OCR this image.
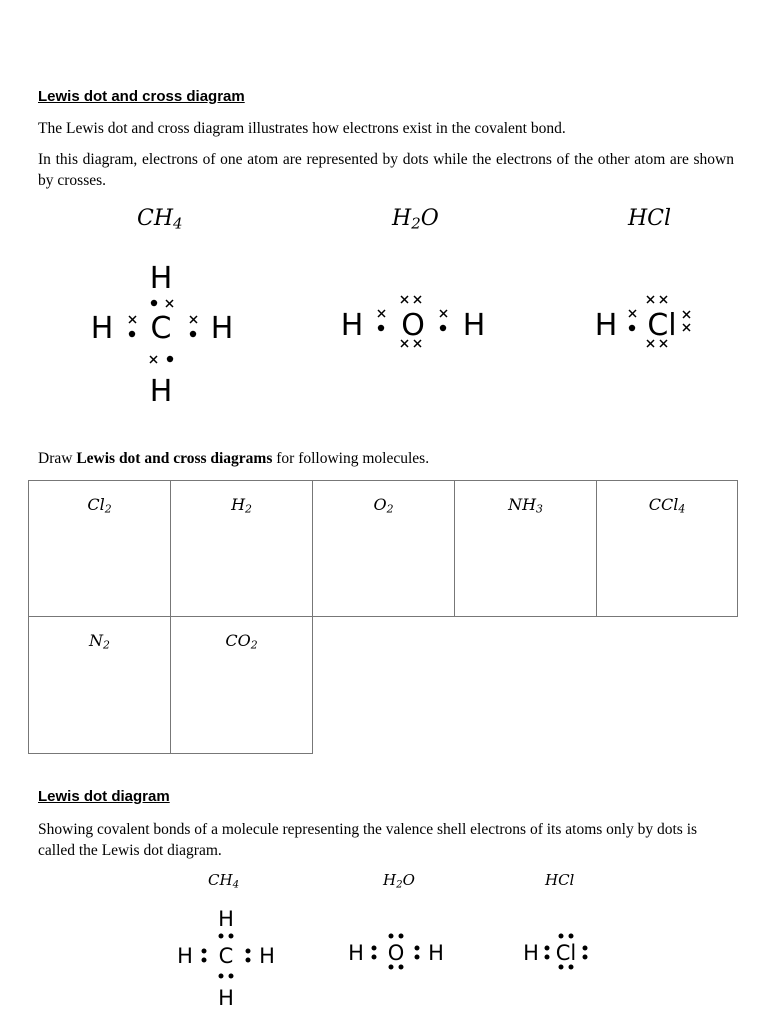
Lewis dot and cross diagram
The Lewis dot and cross diagram illustrates how electrons exist in the covalent bond.
In this diagram, electrons of one atom are represented by dots while the electrons of the other atom are shown by crosses.
$CH_4$	$H_2O$	HCl
H
H C H
H
H O H	H Cl
Draw Lewis dot and cross diagrams for following molecules.
$Cl_2$	$H_2$	$O_2$	$NH_3$	CCl$_4$
$N_2$	$CO_2$
Lewis dot diagram
Showing covalent bonds of a molecule representing the valence shell electrons of its atoms only by dots is called the Lewis dot diagram.
$CH_4$	$H_2O$	HCl
H
H C H
H
H O H	H Cl
